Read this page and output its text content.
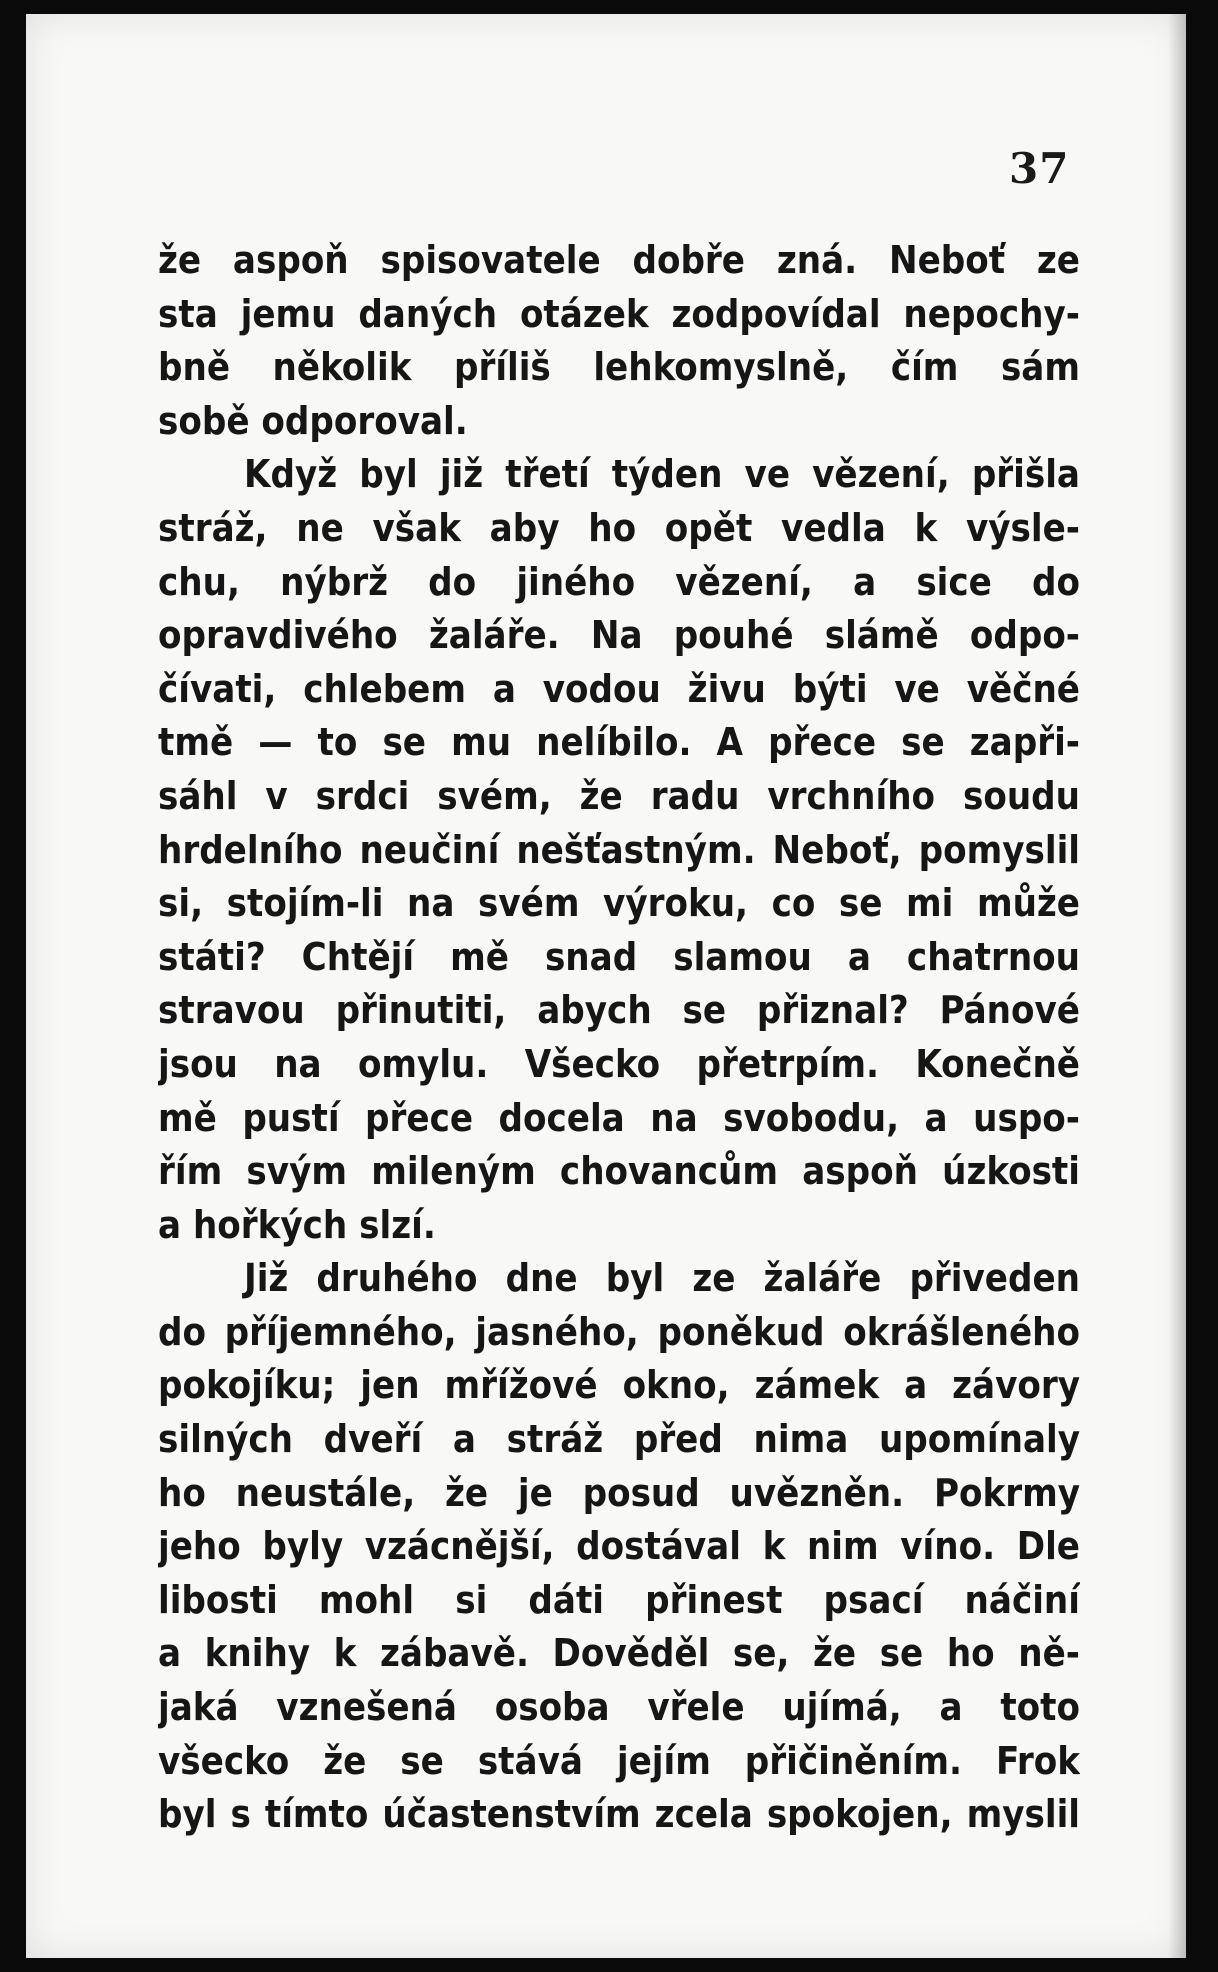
37
že aspoň spisovatele dobře zná. Neboť ze
sta jemu daných otázek zodpovídal nepochy-
bně několik příliš lehkomyslně, čím sám
sobě odporoval.
Když byl již třetí týden ve vězení, přišla
stráž, ne však aby ho opět vedla k výsle-
chu, nýbrž do jiného vězení, a sice do
opravdivého žaláře. Na pouhé slámě odpo-
čívati, chlebem a vodou živu býti ve věčné
tmě — to se mu nelíbilo. A přece se zapři-
sáhl v srdci svém, že radu vrchního soudu
hrdelního neučiní nešťastným. Neboť, pomyslil
si, stojím-li na svém výroku, co se mi může
státi? Chtějí mě snad slamou a chatrnou
stravou přinutiti, abych se přiznal? Pánové
jsou na omylu. Všecko přetrpím. Konečně
mě pustí přece docela na svobodu, a uspo-
řím svým mileným chovancům aspoň úzkosti
a hořkých slzí.
Již druhého dne byl ze žaláře přiveden
do příjemného, jasného, poněkud okrášleného
pokojíku; jen mřížové okno, zámek a závory
silných dveří a stráž před nima upomínaly
ho neustále, že je posud uvězněn. Pokrmy
jeho byly vzácnější, dostával k nim víno. Dle
libosti mohl si dáti přinest psací náčiní
a knihy k zábavě. Dověděl se, že se ho ně-
jaká vznešená osoba vřele ujímá, a toto
všecko že se stává jejím přičiněním. Frok
byl s tímto účastenstvím zcela spokojen, myslil
